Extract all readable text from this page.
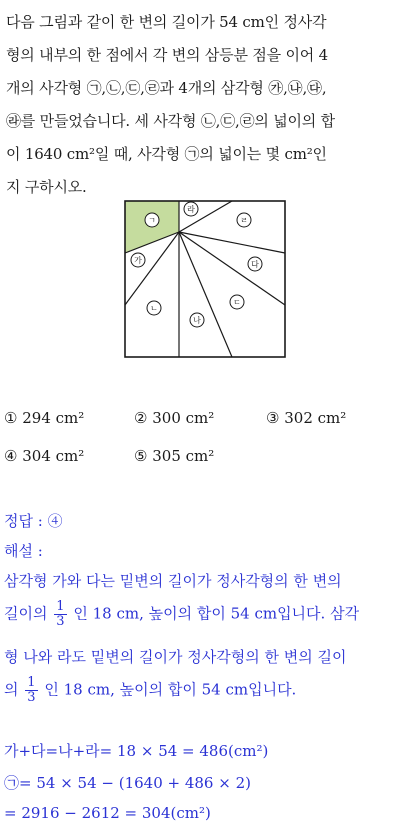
다음 그림과 같이 한 변의 길이가 54 cm인 정사각
형의 내부의 한 점에서 각 변의 삼등분 점을 이어 4
개의 사각형 ㉠,㉡,㉢,㉣과 4개의 삼각형 ㉮,㉯,㉰,
㉱를 만들었습니다. 세 사각형 ㉡,㉢,㉣의 넓이의 합
이 1640 cm²일 때, 사각형 ㉠의 넓이는 몇 cm²인
지 구하시오.
ㄱ
라
ㄹ
다
ㄷ
나
ㄴ
가
① 294 cm²	② 300 cm²	③ 302 cm²
④ 304 cm²	⑤ 305 cm²
정답 : ④
해설 :
삼각형 가와 다는 밑변의 길이가 정사각형의 한 변의
길이의 $\frac{1}{3}$ 인 18 cm, 높이의 합이 54 cm입니다. 삼각
형 나와 라도 밑변의 길이가 정사각형의 한 변의 길이
의 $\frac{1}{3}$ 인 18 cm, 높이의 합이 54 cm입니다.
가+다=나+라= 18 × 54 = 486(cm²)
㉠= 54 × 54 − (1640 + 486 × 2)
= 2916 − 2612 = 304(cm²)
